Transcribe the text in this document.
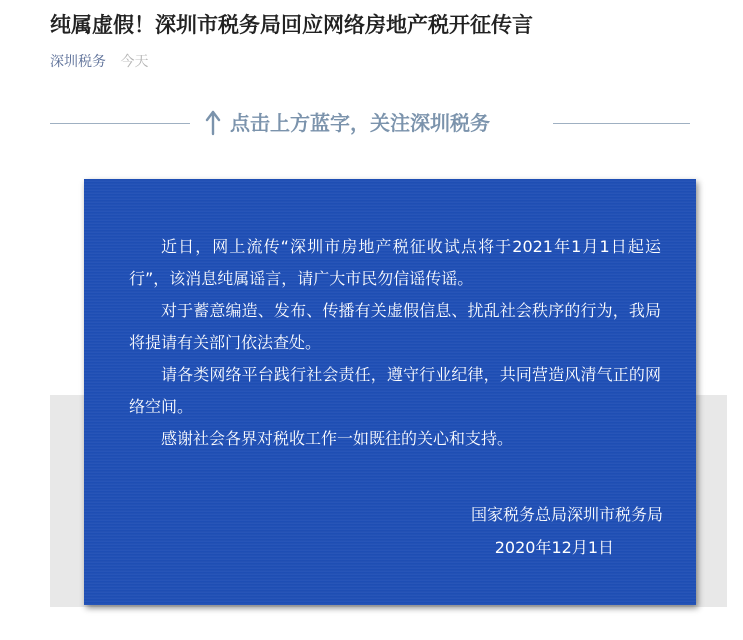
纯属虚假！深圳市税务局回应网络房地产税开征传言
深圳税务 今天
点击上方蓝字，关注深圳税务

近日，网上流传“深圳市房地产税征收试点将于2021年1月1日起运行”，该消息纯属谣言，请广大市民勿信谣传谣。

对于蓄意编造、发布、传播有关虚假信息、扰乱社会秩序的行为，我局将提请有关部门依法查处。

请各类网络平台践行社会责任，遵守行业纪律，共同营造风清气正的网络空间。

感谢社会各界对税收工作一如既往的关心和支持。

国家税务总局深圳市税务局
2020年12月1日
